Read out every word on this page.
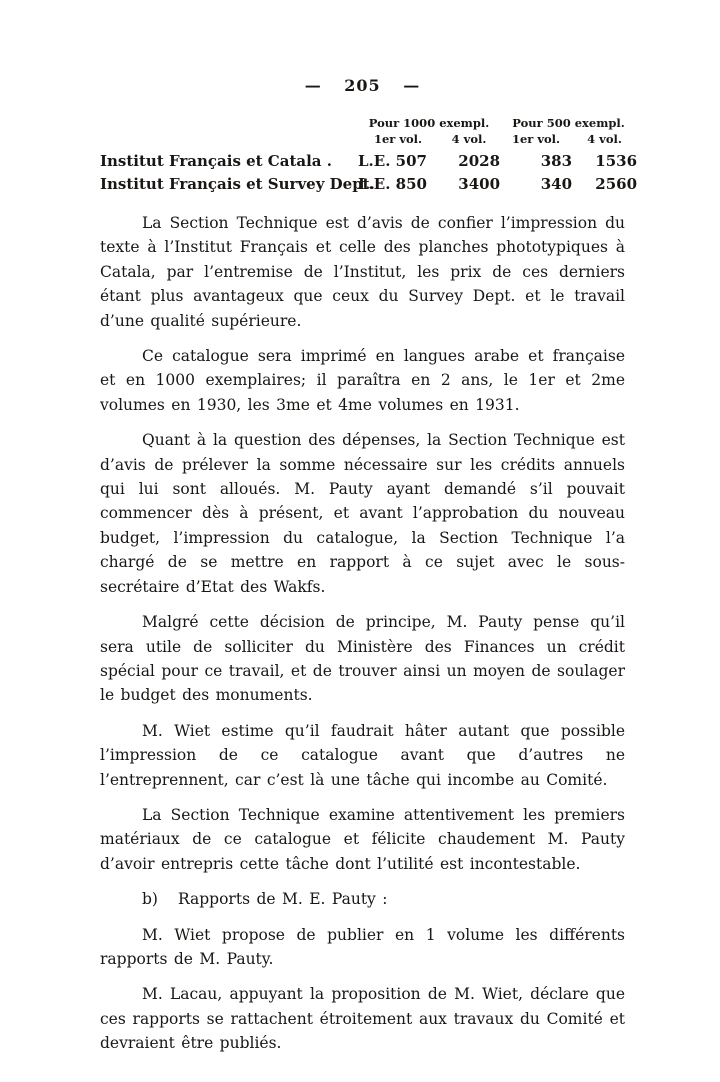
— 205 —
	Pour 1000 exempl.		Pour 500 exempl.	
	1er vol.	4 vol.	1er vol.	4 vol.
Institut Français et Catala .	L.E. 507	2028	383	1536
Institut Français et Survey Dept.	L.E. 850	3400	340	2560

La Section Technique est d’avis de confier l’impression du texte à l’Institut Français et celle des planches phototypiques à Catala, par l’entremise de l’Institut, les prix de ces derniers étant plus avantageux que ceux du Survey Dept. et le travail d’une qualité supérieure.

Ce catalogue sera imprimé en langues arabe et française et en 1000 exemplaires; il paraîtra en 2 ans, le 1er et 2me volumes en 1930, les 3me et 4me volumes en 1931.

Quant à la question des dépenses, la Section Technique est d’avis de prélever la somme nécessaire sur les crédits annuels qui lui sont alloués. M. Pauty ayant demandé s’il pouvait commencer dès à présent, et avant l’approbation du nouveau budget, l’impression du catalogue, la Section Technique l’a chargé de se mettre en rapport à ce sujet avec le sous-secrétaire d’Etat des Wakfs.

Malgré cette décision de principe, M. Pauty pense qu’il sera utile de solliciter du Ministère des Finances un crédit spécial pour ce travail, et de trouver ainsi un moyen de soulager le budget des monuments.

M. Wiet estime qu’il faudrait hâter autant que possible l’impression de ce catalogue avant que d’autres ne l’entreprennent, car c’est là une tâche qui incombe au Comité.

La Section Technique examine attentivement les premiers matériaux de ce catalogue et félicite chaudement M. Pauty d’avoir entrepris cette tâche dont l’utilité est incontestable.

b) Rapports de M. E. Pauty :

M. Wiet propose de publier en 1 volume les différents rapports de M. Pauty.

M. Lacau, appuyant la proposition de M. Wiet, déclare que ces rapports se rattachent étroitement aux travaux du Comité et devraient être publiés.
